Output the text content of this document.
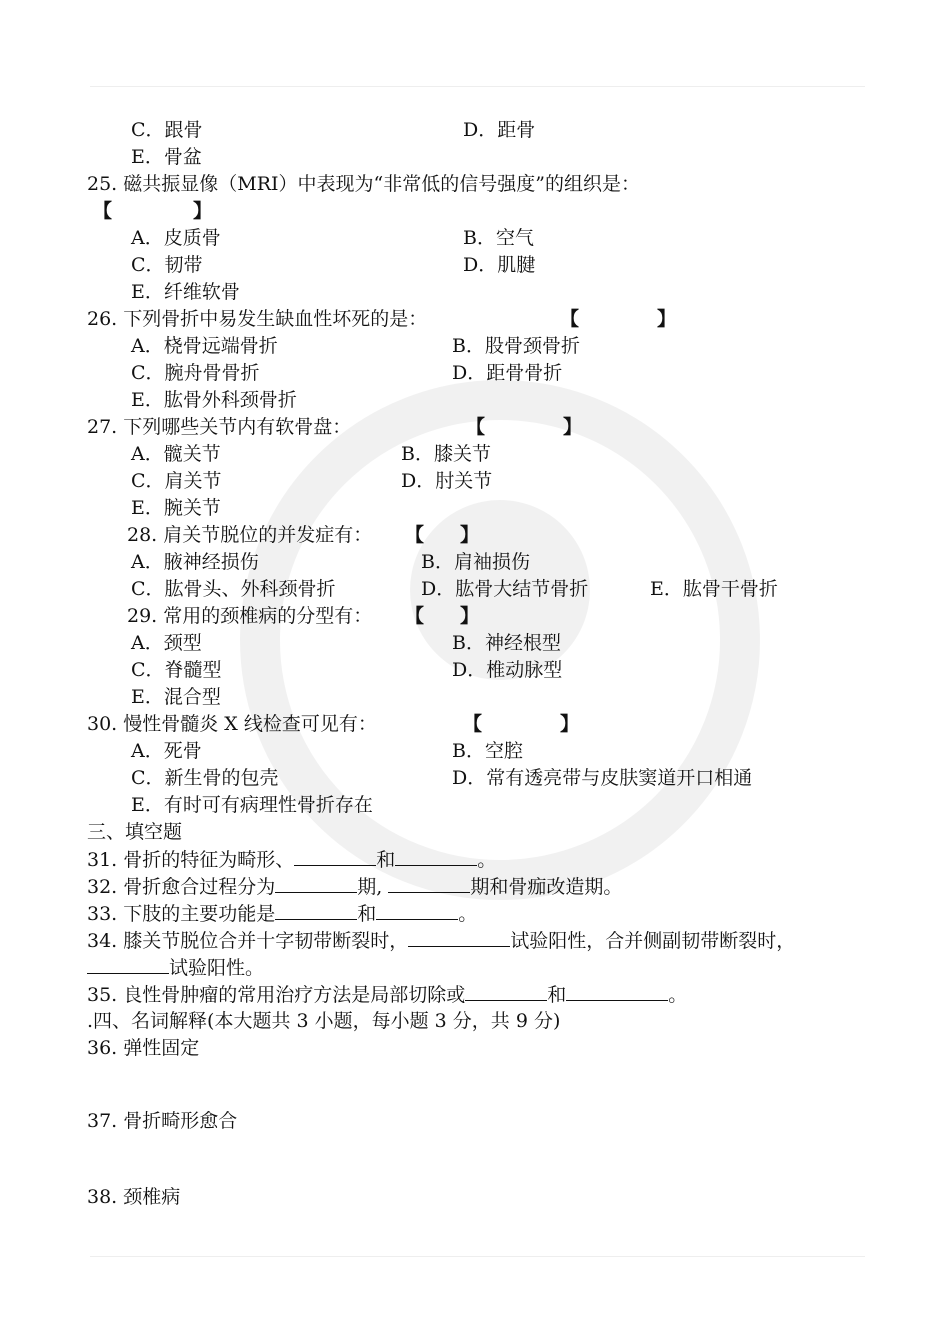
C．跟骨	D．距骨
E．骨盆
25. 磁共振显像（MRI）中表现为“非常低的信号强度”的组织是：
【	】
A．皮质骨	B．空气
C．韧带	D．肌腱
E．纤维软骨
26. 下列骨折中易发生缺血性坏死的是：	【	】
A．桡骨远端骨折	B．股骨颈骨折
C．腕舟骨骨折	D．距骨骨折
E．肱骨外科颈骨折
27. 下列哪些关节内有软骨盘：	【	】
A．髋关节	B．膝关节
C．肩关节	D．肘关节
E．腕关节
28. 肩关节脱位的并发症有： 【 】
A．腋神经损伤	B．肩袖损伤
C．肱骨头、外科颈骨折	D．肱骨大结节骨折	E．肱骨干骨折
29. 常用的颈椎病的分型有： 【 】
A．颈型	B．神经根型
C．脊髓型	D．椎动脉型
E．混合型
30. 慢性骨髓炎 X 线检查可见有：	【	】
A．死骨	B．空腔
C．新生骨的包壳	D．常有透亮带与皮肤窦道开口相通
E．有时可有病理性骨折存在
三、填空题
31. 骨折的特征为畸形、	和	。
32. 骨折愈合过程分为	期,	期和骨痂改造期。
33. 下肢的主要功能是	和	。
34. 膝关节脱位合并十字韧带断裂时，	试验阳性，合并侧副韧带断裂时，
试验阳性。
35. 良性骨肿瘤的常用治疗方法是局部切除或	和	。
.四、名词解释(本大题共 3 小题，每小题 3 分，共 9 分)
36. 弹性固定
37. 骨折畸形愈合
38. 颈椎病
